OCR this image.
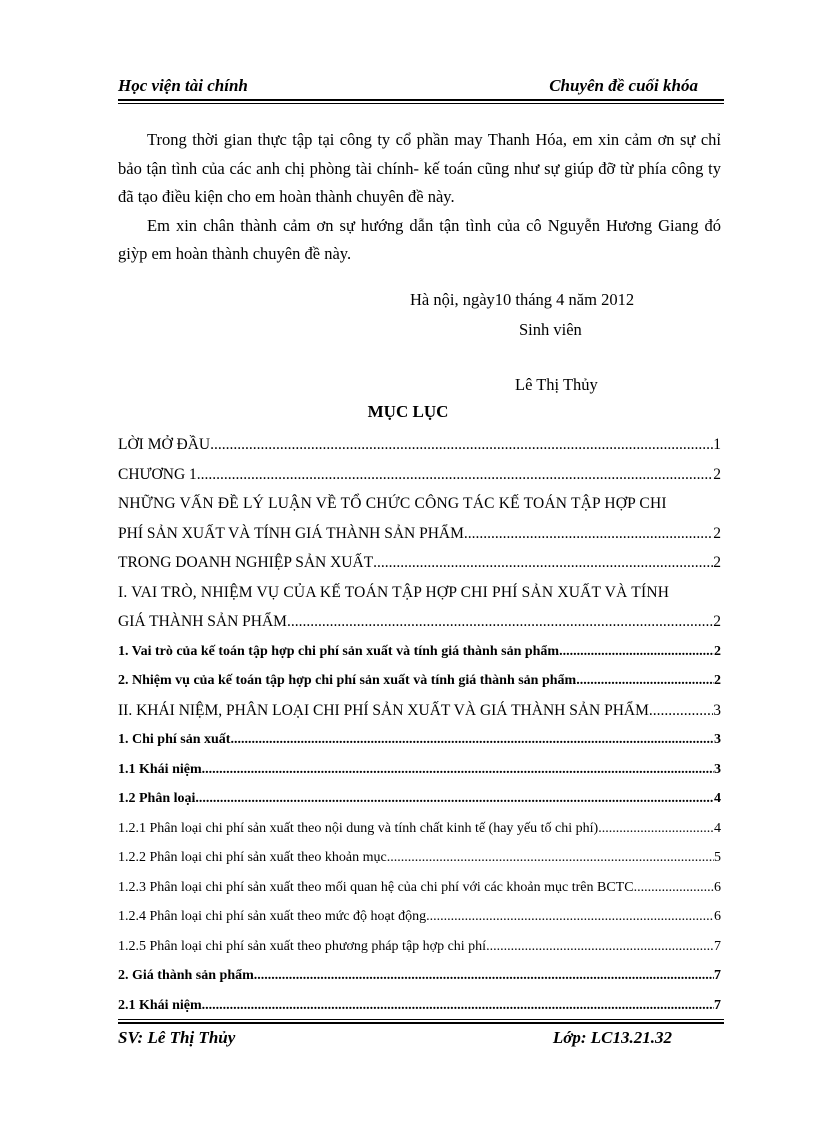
Học viện tài chính	Chuyên đề cuối khóa

Trong thời gian thực tập tại công ty cổ phần may Thanh Hóa, em xin cảm ơn sự chỉ bảo tận tình của các anh chị phòng tài chính- kế toán cũng như sự giúp đỡ từ phía công ty đã tạo điều kiện cho em hoàn thành chuyên đề này.

Em xin chân thành cảm ơn sự hướng dẫn tận tình của cô Nguyễn Hương Giang đó giỳp em hoàn thành chuyên đề này.

Hà nội, ngày10 tháng 4 năm 2012
Sinh viên
Lê Thị Thủy
MỤC LỤC
LỜI MỞ ĐẦU .....	1
CHƯƠNG 1 .....	2
NHỮNG VẤN ĐỀ LÝ LUẬN VỀ TỔ CHỨC CÔNG TÁC KẾ TOÁN TẬP HỢP CHI
PHÍ SẢN XUẤT VÀ TÍNH GIÁ THÀNH SẢN PHẨM .....	2
TRONG DOANH NGHIỆP SẢN XUẤT .....	2
I. VAI TRÒ, NHIỆM VỤ CỦA KẾ TOÁN TẬP HỢP CHI PHÍ SẢN XUẤT VÀ TÍNH
GIÁ THÀNH SẢN PHẨM .....	2
1. Vai trò của kế toán tập hợp chi phí sản xuất và tính giá thành sản phẩm .....	2
2. Nhiệm vụ của kế toán tập hợp chi phí sản xuất và tính giá thành sản phẩm .....	2
II. KHÁI NIỆM, PHÂN LOẠI CHI PHÍ SẢN XUẤT VÀ GIÁ THÀNH SẢN PHẨM .....	3
1. Chi phí sản xuất .....	3
1.1 Khái niệm .....	3
1.2 Phân loại .....	4
1.2.1 Phân loại chi phí sản xuất theo nội dung và tính chất kinh tế (hay yếu tố chi phí) .....	4
1.2.2 Phân loại chi phí sản xuất theo khoản mục .....	5
1.2.3 Phân loại chi phí sản xuất theo mối quan hệ của chi phí với các khoản mục trên BCTC .....	6
1.2.4 Phân loại chi phí sản xuất theo mức độ hoạt động .....	6
1.2.5 Phân loại chi phí sản xuất theo phương pháp tập hợp chi phí .....	7
2. Giá thành sản phẩm .....	7
2.1 Khái niệm .....	7
SV: Lê Thị Thủy	Lớp: LC13.21.32
